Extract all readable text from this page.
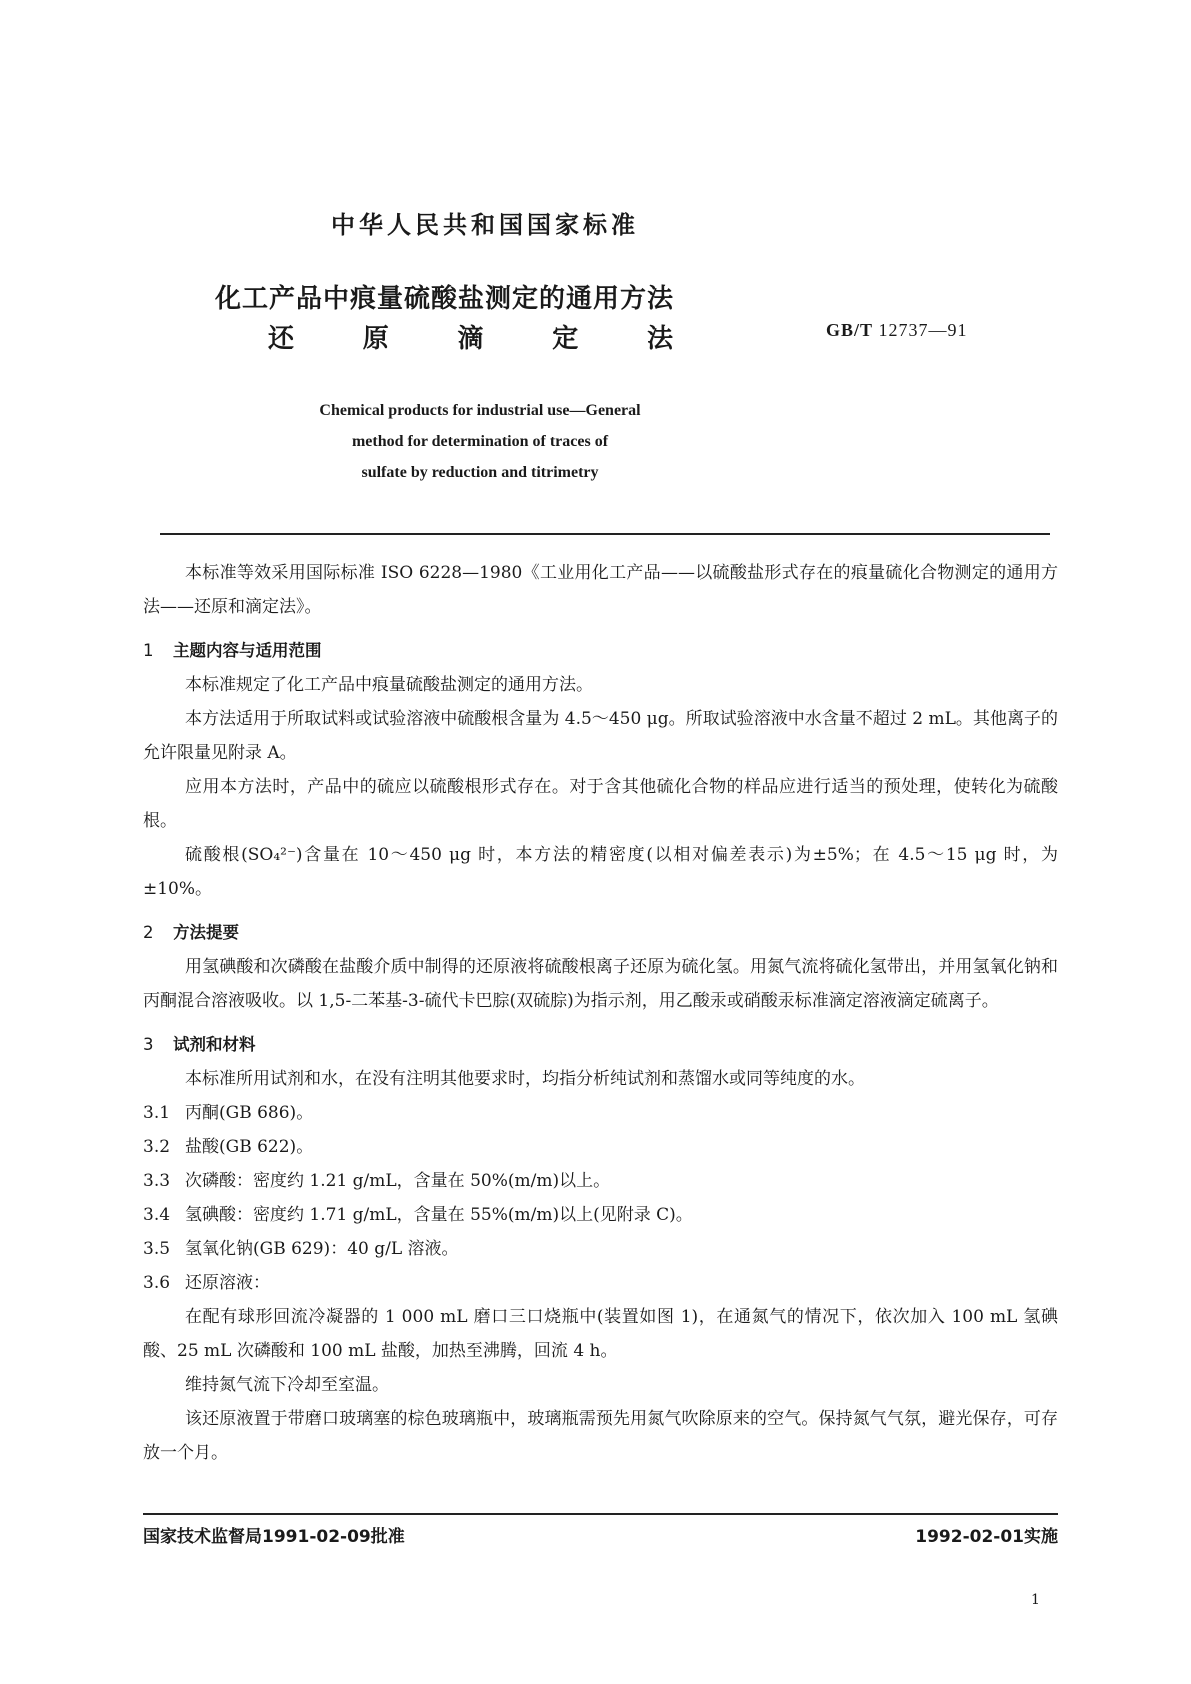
中华人民共和国国家标准
化工产品中痕量硫酸盐测定的通用方法
还	原	滴	定	法	GB/T 12737—91
Chemical products for industrial use—General
method for determination of traces of
sulfate by reduction and titrimetry
本标准等效采用国际标准 ISO 6228—1980《工业用化工产品——以硫酸盐形式存在的痕量硫化合物测定的通用方法——还原和滴定法》。
1 主题内容与适用范围
本标准规定了化工产品中痕量硫酸盐测定的通用方法。
本方法适用于所取试料或试验溶液中硫酸根含量为 4.5～450 μg。所取试验溶液中水含量不超过 2 mL。其他离子的允许限量见附录 A。
应用本方法时，产品中的硫应以硫酸根形式存在。对于含其他硫化合物的样品应进行适当的预处理，使转化为硫酸根。
硫酸根(SO₄²⁻)含量在 10～450 μg 时，本方法的精密度(以相对偏差表示)为±5%；在 4.5～15 μg 时，为±10%。
2 方法提要
用氢碘酸和次磷酸在盐酸介质中制得的还原液将硫酸根离子还原为硫化氢。用氮气流将硫化氢带出，并用氢氧化钠和丙酮混合溶液吸收。以 1,5-二苯基-3-硫代卡巴腙(双硫腙)为指示剂，用乙酸汞或硝酸汞标准滴定溶液滴定硫离子。
3 试剂和材料
本标准所用试剂和水，在没有注明其他要求时，均指分析纯试剂和蒸馏水或同等纯度的水。
3.1 丙酮(GB 686)。
3.2 盐酸(GB 622)。
3.3 次磷酸：密度约 1.21 g/mL，含量在 50%(m/m)以上。
3.4 氢碘酸：密度约 1.71 g/mL，含量在 55%(m/m)以上(见附录 C)。
3.5 氢氧化钠(GB 629)：40 g/L 溶液。
3.6 还原溶液：
在配有球形回流冷凝器的 1 000 mL 磨口三口烧瓶中(装置如图 1)，在通氮气的情况下，依次加入 100 mL 氢碘酸、25 mL 次磷酸和 100 mL 盐酸，加热至沸腾，回流 4 h。
维持氮气流下冷却至室温。
该还原液置于带磨口玻璃塞的棕色玻璃瓶中，玻璃瓶需预先用氮气吹除原来的空气。保持氮气气氛，避光保存，可存放一个月。
国家技术监督局1991-02-09批准	1992-02-01实施
1
